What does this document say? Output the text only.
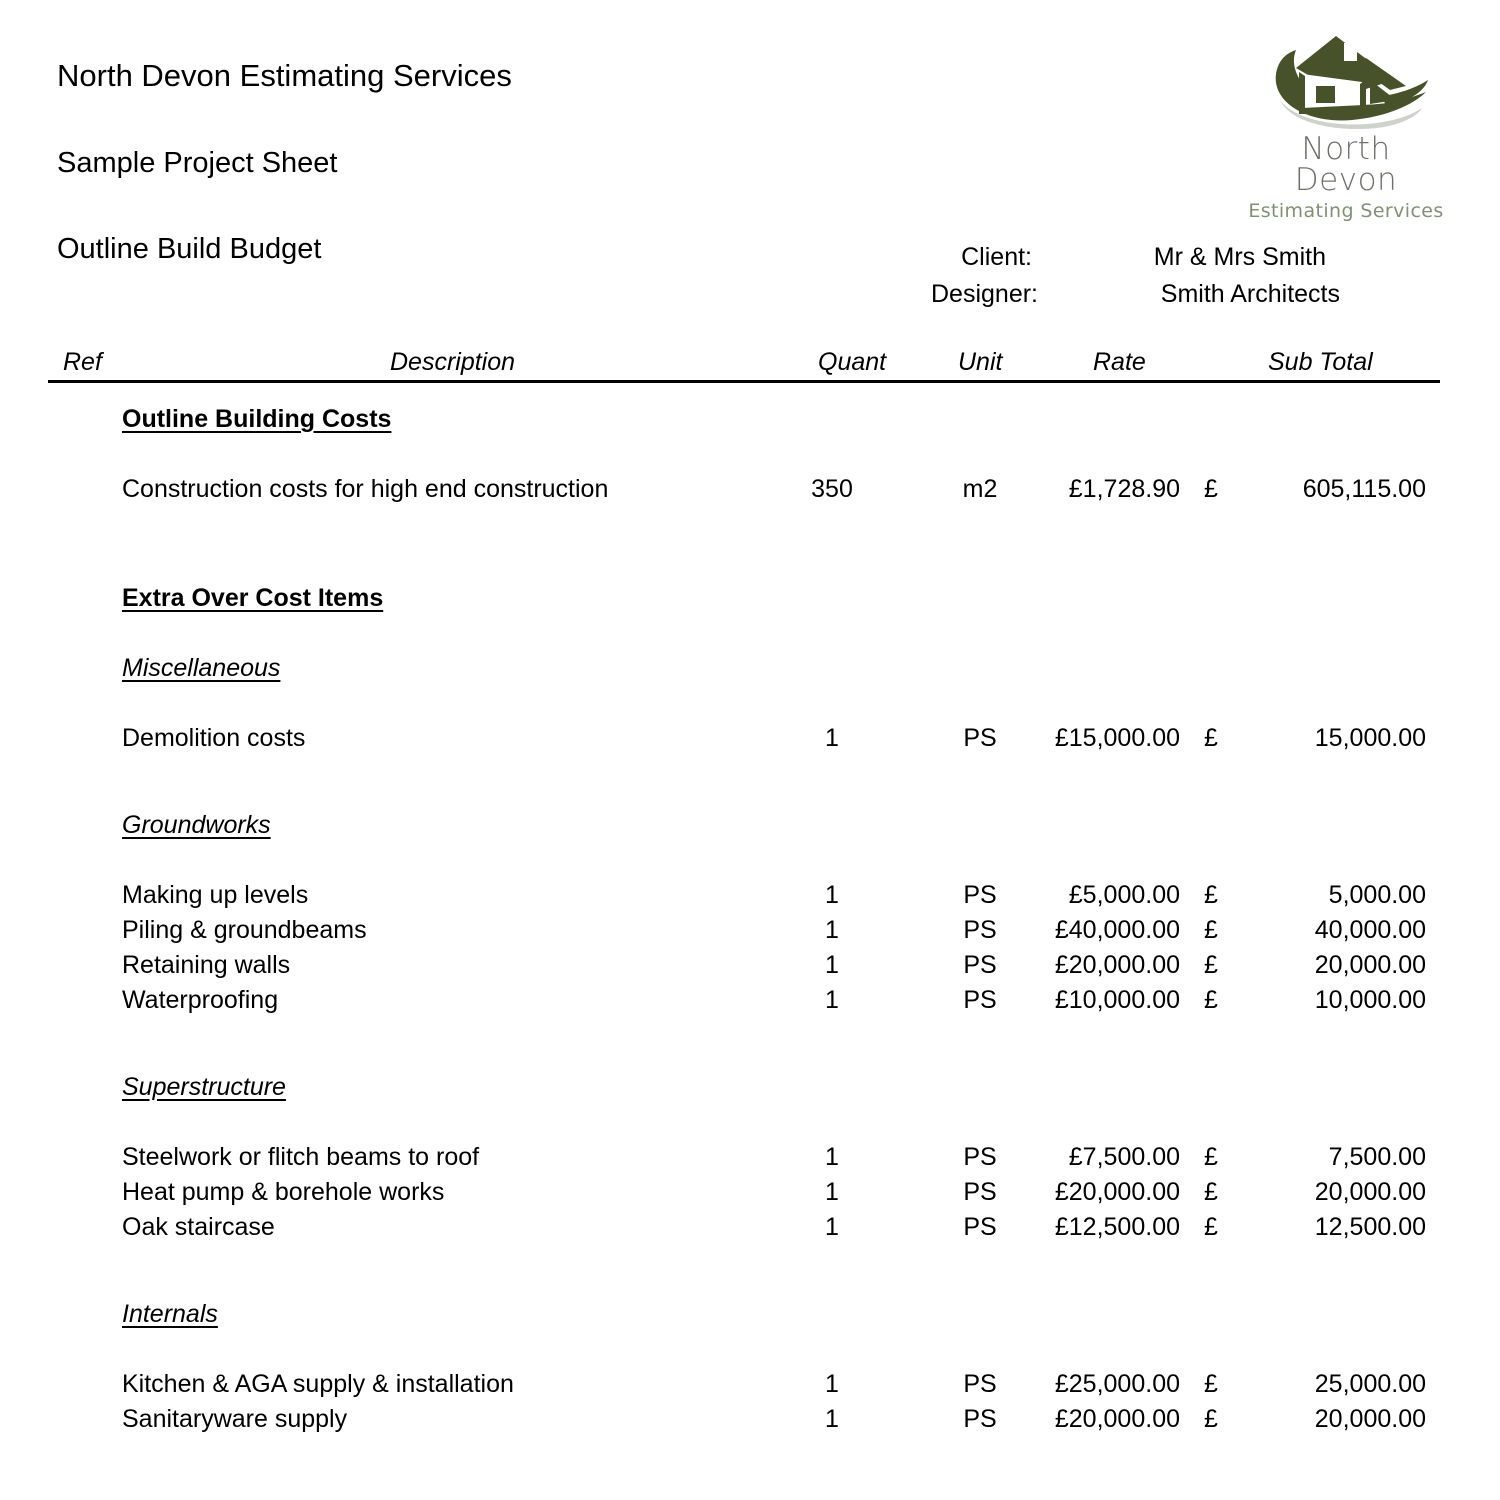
North Devon Estimating Services
Sample Project Sheet
Outline Build Budget
North Devon
Estimating Services
Client:	Mr & Mrs Smith
Designer:	Smith Architects
Ref	Description	Quant	Unit	Rate	Sub Total
Outline Building Costs
Construction costs for high end construction	350	m2	£1,728.90 £	605,115.00
Extra Over Cost Items
Miscellaneous
Demolition costs	1	PS	£15,000.00 £	15,000.00
Groundworks
Making up levels	1	PS	£5,000.00 £	5,000.00
Piling & groundbeams	1	PS	£40,000.00 £	40,000.00
Retaining walls	1	PS	£20,000.00 £	20,000.00
Waterproofing	1	PS	£10,000.00 £	10,000.00
Superstructure
Steelwork or flitch beams to roof	1	PS	£7,500.00 £	7,500.00
Heat pump & borehole works	1	PS	£20,000.00 £	20,000.00
Oak staircase	1	PS	£12,500.00 £	12,500.00
Internals
Kitchen & AGA supply & installation	1	PS	£25,000.00 £	25,000.00
Sanitaryware supply	1	PS	£20,000.00 £	20,000.00
